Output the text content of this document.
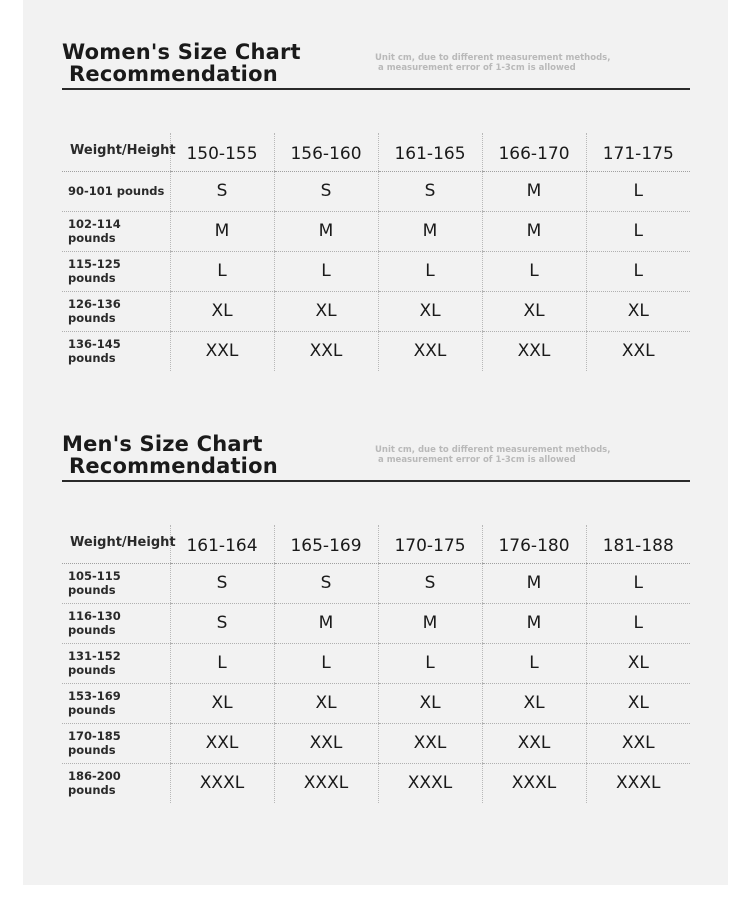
Women's Size Chart
Recommendation
Unit cm, due to different measurement methods,
a measurement error of 1-3cm is allowed
Weight/Height	150-155	156-160	161-165	166-170	171-175
90-101 pounds	S	S	S	M	L
102-114 pounds	M	M	M	M	L
115-125 pounds	L	L	L	L	L
126-136 pounds	XL	XL	XL	XL	XL
136-145 pounds	XXL	XXL	XXL	XXL	XXL
Men's Size Chart
Recommendation
Unit cm, due to different measurement methods,
a measurement error of 1-3cm is allowed
Weight/Height	161-164	165-169	170-175	176-180	181-188
105-115 pounds	S	S	S	M	L
116-130 pounds	S	M	M	M	L
131-152 pounds	L	L	L	L	XL
153-169 pounds	XL	XL	XL	XL	XL
170-185 pounds	XXL	XXL	XXL	XXL	XXL
186-200 pounds	XXXL	XXXL	XXXL	XXXL	XXXL
